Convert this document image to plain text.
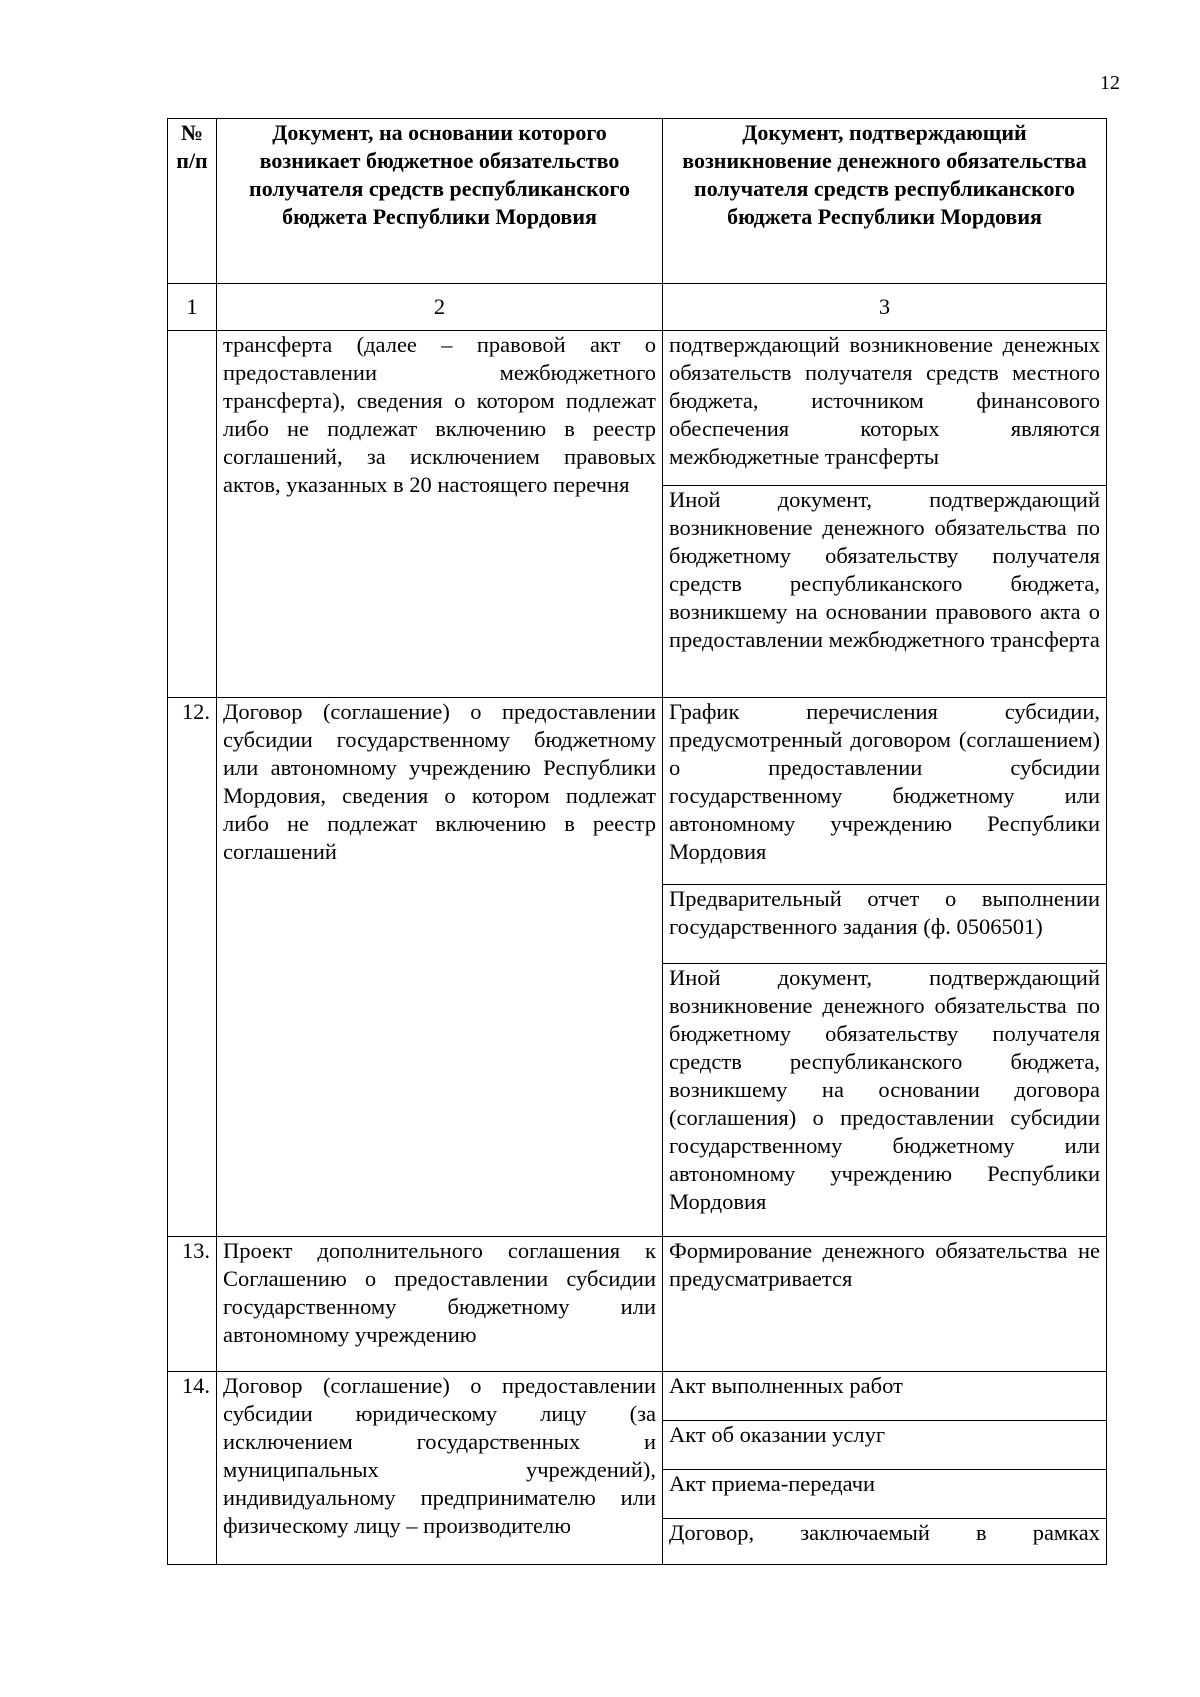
12
№ п/п	Документ, на основании которого возникает бюджетное обязательство получателя средств республиканского бюджета Республики Мордовия	Документ, подтверждающий возникновение денежного обязательства получателя средств республиканского бюджета Республики Мордовия
1	2	3
	трансферта (далее – правовой акт о предоставлении межбюджетного трансферта), сведения о котором подлежат либо не подлежат включению в реестр соглашений, за исключением правовых актов, указанных в 20 настоящего перечня	подтверждающий возникновение денежных обязательств получателя средств местного бюджета, источником финансового обеспечения которых являются межбюджетные трансферты
		Иной документ, подтверждающий возникновение денежного обязательства по бюджетному обязательству получателя средств республиканского бюджета, возникшему на основании правового акта о предоставлении межбюджетного трансферта
12.	Договор (соглашение) о предоставлении субсидии государственному бюджетному или автономному учреждению Республики Мордовия, сведения о котором подлежат либо не подлежат включению в реестр соглашений	График перечисления субсидии, предусмотренный договором (соглашением) о предоставлении субсидии государственному бюджетному или автономному учреждению Республики Мордовия
		Предварительный отчет о выполнении государственного задания (ф. 0506501)
		Иной документ, подтверждающий возникновение денежного обязательства по бюджетному обязательству получателя средств республиканского бюджета, возникшему на основании договора (соглашения) о предоставлении субсидии государственному бюджетному или автономному учреждению Республики Мордовия
13.	Проект дополнительного соглашения к Соглашению о предоставлении субсидии государственному бюджетному или автономному учреждению	Формирование денежного обязательства не предусматривается
14.	Договор (соглашение) о предоставлении субсидии юридическому лицу (за исключением государственных и муниципальных учреждений), индивидуальному предпринимателю или физическому лицу – производителю	Акт выполненных работ
		Акт об оказании услуг
		Акт приема-передачи
		Договор, заключаемый в рамках
